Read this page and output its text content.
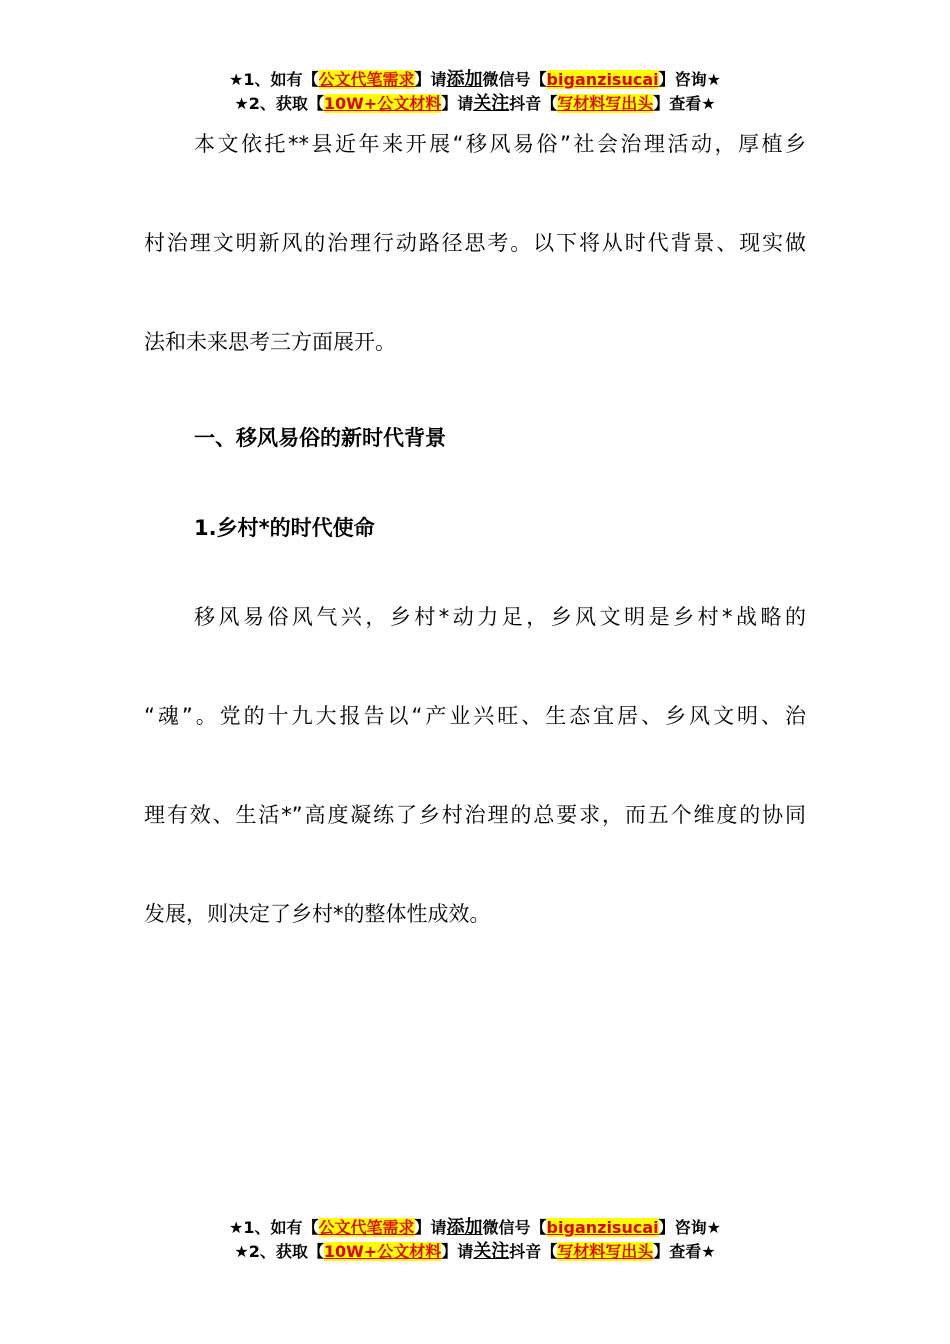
★1、如有【公文代笔需求】请添加微信号【biganzisucai】咨询★
★2、获取【10W+公文材料】请关注抖音【写材料写出头】查看★

本文依托**县近年来开展“移风易俗”社会治理活动，厚植乡
村治理文明新风的治理行动路径思考。以下将从时代背景、现实做
法和未来思考三方面展开。

一、移风易俗的新时代背景
1.乡村*的时代使命

移风易俗风气兴，乡村*动力足，乡风文明是乡村*战略的
“魂”。党的十九大报告以“产业兴旺、生态宜居、乡风文明、治
理有效、生活*”高度凝练了乡村治理的总要求，而五个维度的协同
发展，则决定了乡村*的整体性成效。

★1、如有【公文代笔需求】请添加微信号【biganzisucai】咨询★
★2、获取【10W+公文材料】请关注抖音【写材料写出头】查看★
